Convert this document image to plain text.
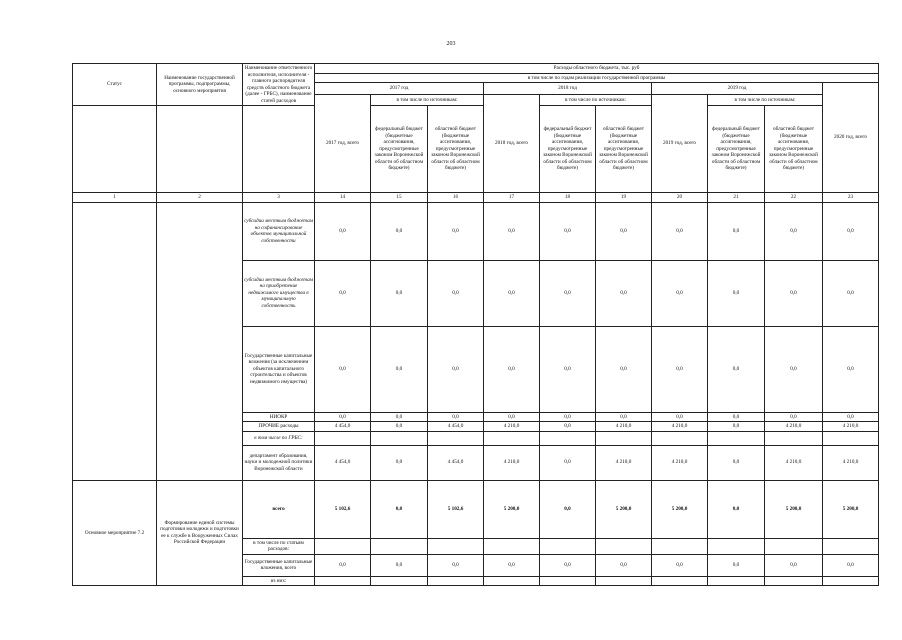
203
Статус	Наименование государственной программы, подпрограммы, основного мероприятия	Наименование ответственного исполнителя, исполнителя - главного распорядителя средств областного бюджета (далее - ГРБС), наименование статей расходов	Расходы областного бюджета, тыс. руб									
			в том числе по годам реализации государственной программы									
			2017 год			2018 год			2019 год			2020 год, всего
			2017 год, всего	в том числе по источникам:		2018 год, всего	в том числе по источникам:		2019 год, всего	в том числе по источникам:		
				федеральный бюджет (бюджетные ассигнования, предусмотренные законом Воронежской области об областном бюджете)	областной бюджет (бюджетные ассигнования, предусмотренные законом Воронежской области об областном бюджете)		федеральный бюджет (бюджетные ассигнования, предусмотренные законом Воронежской области об областном бюджете)	областной бюджет (бюджетные ассигнования, предусмотренные законом Воронежской области об областном бюджете)		федеральный бюджет (бюджетные ассигнования, предусмотренные законом Воронежской области об областном бюджете)	областной бюджет (бюджетные ассигнования, предусмотренные законом Воронежской области об областном бюджете)	
1	2	3	14	15	16	17	18	19	20	21	22	23
		субсидии местным бюджетам на софинансирование объектов муниципальной собственности	0,0	0,0	0,0	0,0	0,0	0,0	0,0	0,0	0,0	0,0
		субсидии местным бюджетам на приобретение недвижимого имущества в муниципальную собственность	0,0	0,0	0,0	0,0	0,0	0,0	0,0	0,0	0,0	0,0
		Государственные капитальные вложения (за исключением объектов капитального строительства и объектов недвижимого имущества)	0,0	0,0	0,0	0,0	0,0	0,0	0,0	0,0	0,0	0,0
		НИОКР	0,0	0,0	0,0	0,0	0,0	0,0	0,0	0,0	0,0	0,0
		ПРОЧИЕ расходы	4 454,0	0,0	4 454,0	4 210,0	0,0	4 210,0	4 210,0	0,0	4 210,0	4 210,0
		в том числе по ГРБС:										
		департамент образования, науки и молодежной политики Воронежской области	4 454,0	0,0	4 454,0	4 210,0	0,0	4 210,0	4 210,0	0,0	4 210,0	4 210,0
Основное мероприятие 7.2	Формирование единой системы подготовки молодежи и подготовки ее к службе в Вооруженных Силах Российской Федерации	всего	5 102,6	0,0	5 102,6	5 200,0	0,0	5 200,0	5 200,0	0,0	5 200,0	5 200,0
		в том числе по статьям расходов:										
		Государственные капитальные вложения, всего	0,0	0,0	0,0	0,0	0,0	0,0	0,0	0,0	0,0	0,0
		из них:										
